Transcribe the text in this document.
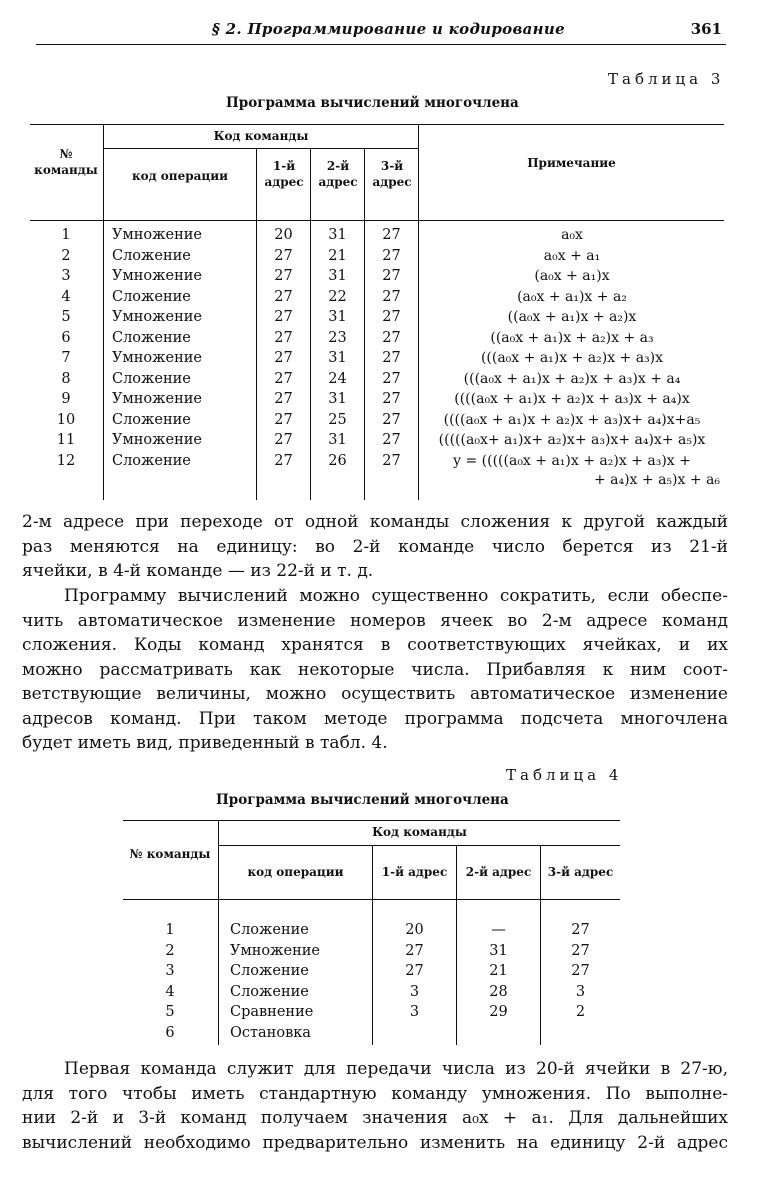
§ 2. Программирование и кодирование	361
Таблица 3
Программа вычислений многочлена
№ команды
Код команды
код операции
1-й адрес
2-й адрес
3-й адрес
Примечание
1	Умножение	20	31	27	a₀x
2	Сложение	27	21	27	a₀x + a₁
3	Умножение	27	31	27	(a₀x + a₁)x
4	Сложение	27	22	27	(a₀x + a₁)x + a₂
5	Умножение	27	31	27	((a₀x + a₁)x + a₂)x
6	Сложение	27	23	27	((a₀x + a₁)x + a₂)x + a₃
7	Умножение	27	31	27	(((a₀x + a₁)x + a₂)x + a₃)x
8	Сложение	27	24	27	(((a₀x + a₁)x + a₂)x + a₃)x + a₄
9	Умножение	27	31	27	((((a₀x + a₁)x + a₂)x + a₃)x + a₄)x
10	Сложение	27	25	27	((((a₀x + a₁)x + a₂)x + a₃)x+ a₄)x+a₅
11	Умножение	27	31	27	(((((a₀x+ a₁)x+ a₂)x+ a₃)x+ a₄)x+ a₅)x
12	Сложение	27	26	27	y = (((((a₀x + a₁)x + a₂)x + a₃)x +
+ a₄)x + a₅)x + a₆
2-м адресе при переходе от одной команды сложения к другой каждый
раз меняются на единицу: во 2-й команде число берется из 21-й
ячейки, в 4-й команде — из 22-й и т. д.
Программу вычислений можно существенно сократить, если обеспе-
чить автоматическое изменение номеров ячеек во 2-м адресе команд
сложения. Коды команд хранятся в соответствующих ячейках, и их
можно рассматривать как некоторые числа. Прибавляя к ним соот-
ветствующие величины, можно осуществить автоматическое изменение
адресов команд. При таком методе программа подсчета многочлена
будет иметь вид, приведенный в табл. 4.
Таблица 4
Программа вычислений многочлена
№ команды
Код команды
код операции	1-й адрес	2-й адрес	3-й адрес
1	Сложение	20	—	27
2	Умножение	27	31	27
3	Сложение	27	21	27
4	Сложение	3	28	3
5	Сравнение	3	29	2
6	Остановка
Первая команда служит для передачи числа из 20-й ячейки в 27-ю,
для того чтобы иметь стандартную команду умножения. По выполне-
нии 2-й и 3-й команд получаем значения a₀x + a₁. Для дальнейших
вычислений необходимо предварительно изменить на единицу 2-й адрес
